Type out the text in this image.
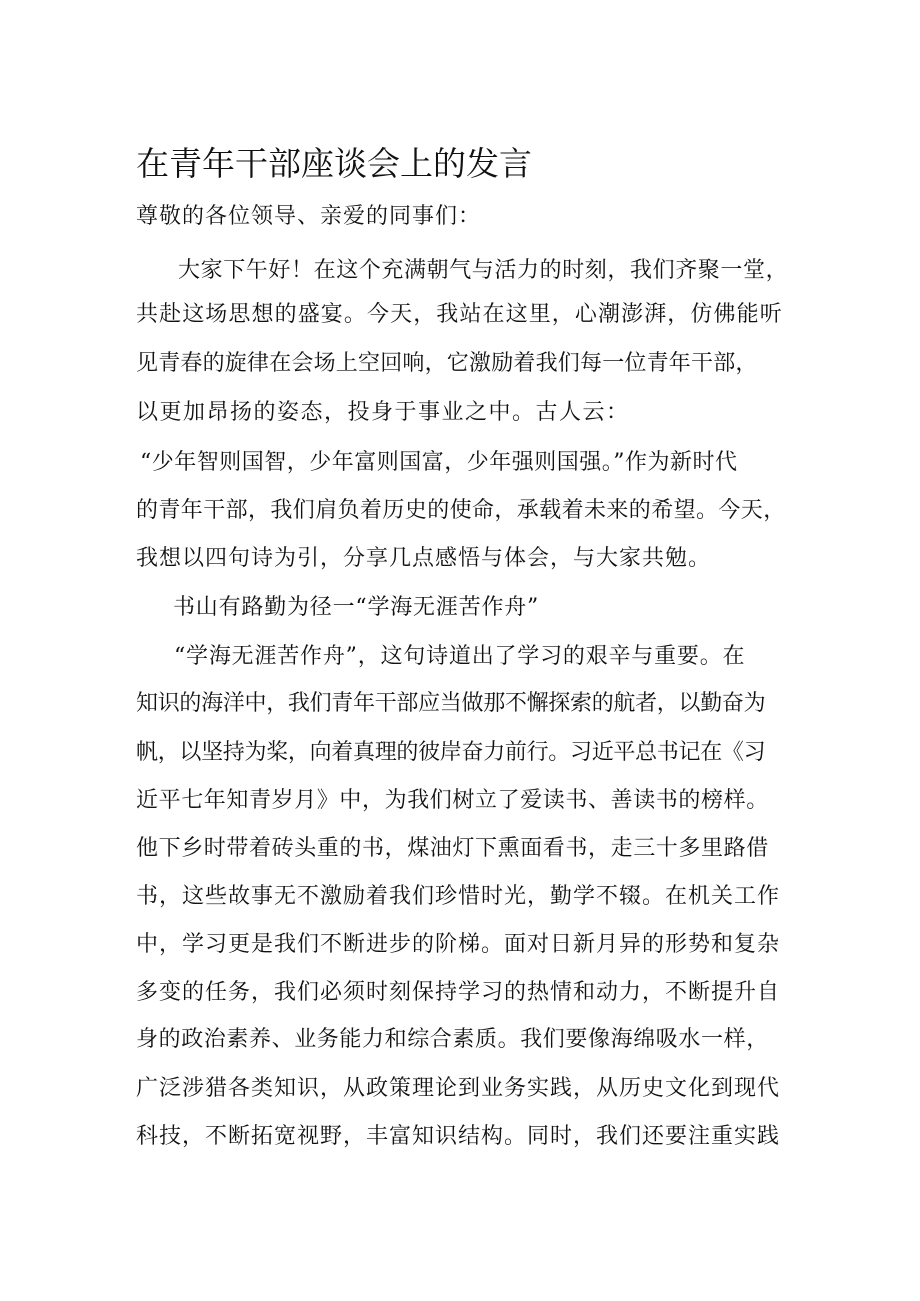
在青年干部座谈会上的发言
尊敬的各位领导、亲爱的同事们：
大家下午好！在这个充满朝气与活力的时刻，我们齐聚一堂，
共赴这场思想的盛宴。今天，我站在这里，心潮澎湃，仿佛能听
见青春的旋律在会场上空回响，它激励着我们每一位青年干部，
以更加昂扬的姿态，投身于事业之中。古人云：
“少年智则国智，少年富则国富，少年强则国强。”作为新时代
的青年干部，我们肩负着历史的使命，承载着未来的希望。今天，
我想以四句诗为引，分享几点感悟与体会，与大家共勉。
书山有路勤为径一“学海无涯苦作舟”
“学海无涯苦作舟”，这句诗道出了学习的艰辛与重要。在
知识的海洋中，我们青年干部应当做那不懈探索的航者，以勤奋为
帆，以坚持为桨，向着真理的彼岸奋力前行。习近平总书记在《习
近平七年知青岁月》中，为我们树立了爱读书、善读书的榜样。
他下乡时带着砖头重的书，煤油灯下熏面看书，走三十多里路借
书，这些故事无不激励着我们珍惜时光，勤学不辍。在机关工作
中，学习更是我们不断进步的阶梯。面对日新月异的形势和复杂
多变的任务，我们必须时刻保持学习的热情和动力，不断提升自
身的政治素养、业务能力和综合素质。我们要像海绵吸水一样，
广泛涉猎各类知识，从政策理论到业务实践，从历史文化到现代
科技，不断拓宽视野，丰富知识结构。同时，我们还要注重实践
